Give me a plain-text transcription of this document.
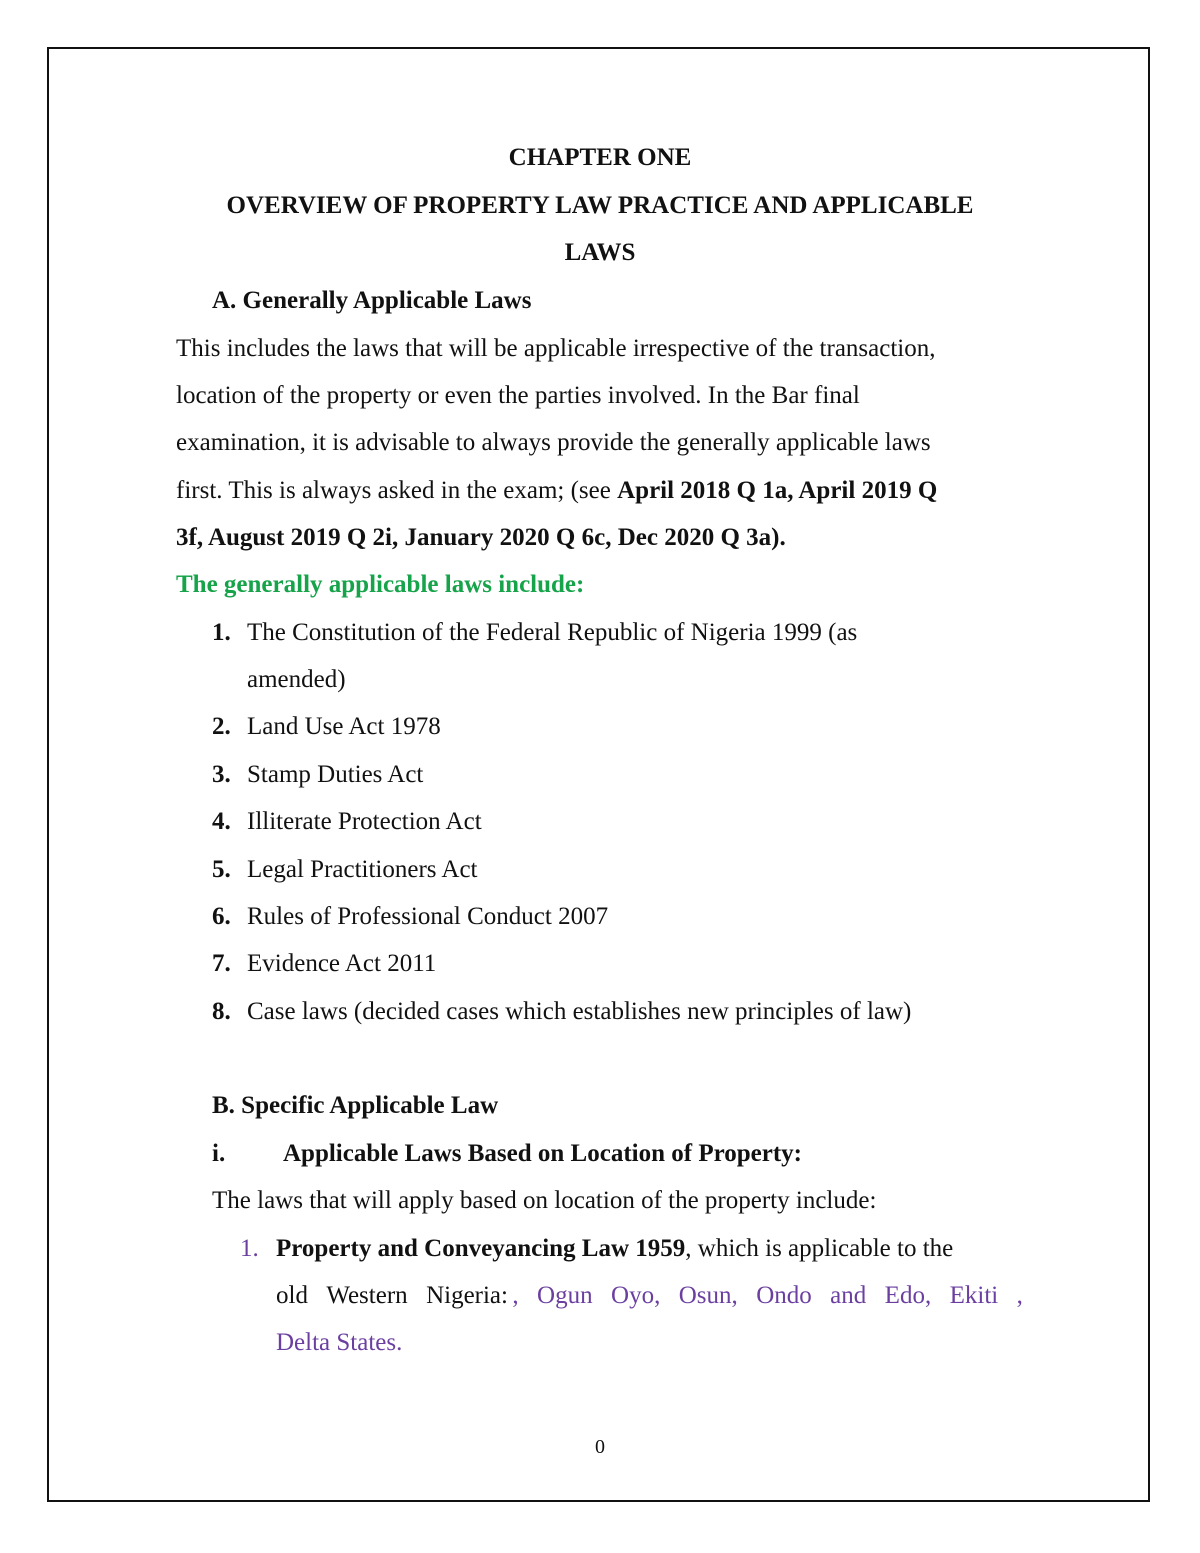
CHAPTER ONE
OVERVIEW OF PROPERTY LAW PRACTICE AND APPLICABLE
LAWS
A. Generally Applicable Laws
This includes the laws that will be applicable irrespective of the transaction,
location of the property or even the parties involved. In the Bar final
examination, it is advisable to always provide the generally applicable laws
first. This is always asked in the exam; (see April 2018 Q 1a, April 2019 Q
3f, August 2019 Q 2i, January 2020 Q 6c, Dec 2020 Q 3a).
The generally applicable laws include:
1. The Constitution of the Federal Republic of Nigeria 1999 (as
amended)
2. Land Use Act 1978
3. Stamp Duties Act
4. Illiterate Protection Act
5. Legal Practitioners Act
6. Rules of Professional Conduct 2007
7. Evidence Act 2011
8. Case laws (decided cases which establishes new principles of law)
B. Specific Applicable Law
i. Applicable Laws Based on Location of Property:
The laws that will apply based on location of the property include:
1. Property and Conveyancing Law 1959, which is applicable to the
old Western Nigeria: , Ogun Oyo, Osun, Ondo and Edo, Ekiti ,
Delta States.
0
